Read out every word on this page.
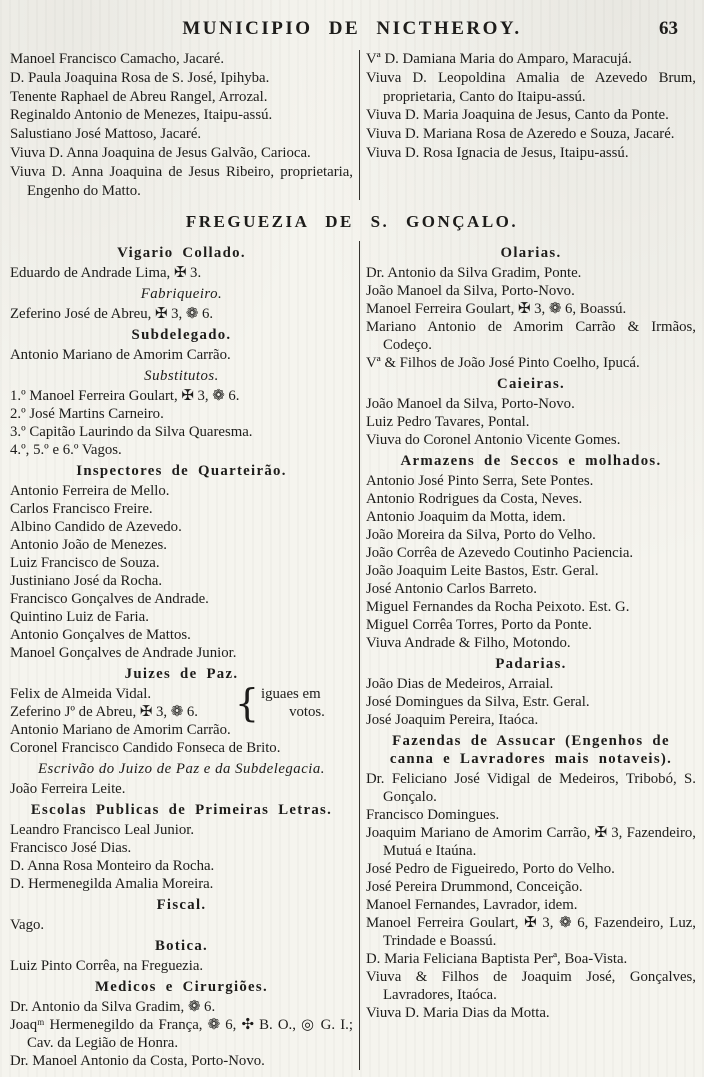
MUNICIPIO DE NICTHEROY.	63
Manoel Francisco Camacho, Jacaré.
D. Paula Joaquina Rosa de S. José, Ipihyba.
Tenente Raphael de Abreu Rangel, Arrozal.
Reginaldo Antonio de Menezes, Itaipu-assú.
Salustiano José Mattoso, Jacaré.
Viuva D. Anna Joaquina de Jesus Galvão, Carioca.
Viuva D. Anna Joaquina de Jesus Ribeiro, proprietaria, Engenho do Matto.
Vª D. Damiana Maria do Amparo, Maracujá.
Viuva D. Leopoldina Amalia de Azevedo Brum, proprietaria, Canto do Itaipu-assú.
Viuva D. Maria Joaquina de Jesus, Canto da Ponte.
Viuva D. Mariana Rosa de Azeredo e Souza, Jacaré.
Viuva D. Rosa Ignacia de Jesus, Itaipu-assú.
FREGUEZIA DE S. GONÇALO.
Vigario Collado.
Eduardo de Andrade Lima, ✠ 3.
Fabriqueiro.
Zeferino José de Abreu, ✠ 3, ❁ 6.
Subdelegado.
Antonio Mariano de Amorim Carrão.
Substitutos.
1.º Manoel Ferreira Goulart, ✠ 3, ❁ 6.
2.º José Martins Carneiro.
3.º Capitão Laurindo da Silva Quaresma.
4.º, 5.º e 6.º Vagos.
Inspectores de Quarteirão.
Antonio Ferreira de Mello.
Carlos Francisco Freire.
Albino Candido de Azevedo.
Antonio João de Menezes.
Luiz Francisco de Souza.
Justiniano José da Rocha.
Francisco Gonçalves de Andrade.
Quintino Luiz de Faria.
Antonio Gonçalves de Mattos.
Manoel Gonçalves de Andrade Junior.
Juizes de Paz.
Felix de Almeida Vidal.
Zeferino Jº de Abreu, ✠ 3, ❁ 6. { iguaes em
votos.
Antonio Mariano de Amorim Carrão.
Coronel Francisco Candido Fonseca de Brito.
Escrivão do Juizo de Paz e da Subdelegacia.
João Ferreira Leite.
Escolas Publicas de Primeiras Letras.
Leandro Francisco Leal Junior.
Francisco José Dias.
D. Anna Rosa Monteiro da Rocha.
D. Hermenegilda Amalia Moreira.
Fiscal.
Vago.
Botica.
Luiz Pinto Corrêa, na Freguezia.
Medicos e Cirurgiões.
Dr. Antonio da Silva Gradim, ❁ 6.
Joaqᵐ Hermenegildo da França, ❁ 6, ✣ B. O., ◎ G. I.; Cav. da Legião de Honra.
Dr. Manoel Antonio da Costa, Porto-Novo.
Olarias.
Dr. Antonio da Silva Gradim, Ponte.
João Manoel da Silva, Porto-Novo.
Manoel Ferreira Goulart, ✠ 3, ❁ 6, Boassú.
Mariano Antonio de Amorim Carrão & Irmãos, Codeço.
Vª & Filhos de João José Pinto Coelho, Ipucá.
Caieiras.
João Manoel da Silva, Porto-Novo.
Luiz Pedro Tavares, Pontal.
Viuva do Coronel Antonio Vicente Gomes.
Armazens de Seccos e molhados.
Antonio José Pinto Serra, Sete Pontes.
Antonio Rodrigues da Costa, Neves.
Antonio Joaquim da Motta, idem.
João Moreira da Silva, Porto do Velho.
João Corrêa de Azevedo Coutinho Paciencia.
João Joaquim Leite Bastos, Estr. Geral.
José Antonio Carlos Barreto.
Miguel Fernandes da Rocha Peixoto. Est. G.
Miguel Corrêa Torres, Porto da Ponte.
Viuva Andrade & Filho, Motondo.
Padarias.
João Dias de Medeiros, Arraial.
José Domingues da Silva, Estr. Geral.
José Joaquim Pereira, Itaóca.
Fazendas de Assucar (Engenhos de canna e Lavradores mais notaveis).
Dr. Feliciano José Vidigal de Medeiros, Tribobó, S. Gonçalo.
Francisco Domingues.
Joaquim Mariano de Amorim Carrão, ✠ 3, Fazendeiro, Mutuá e Itaúna.
José Pedro de Figueiredo, Porto do Velho.
José Pereira Drummond, Conceição.
Manoel Fernandes, Lavrador, idem.
Manoel Ferreira Goulart, ✠ 3, ❁ 6, Fazendeiro, Luz, Trindade e Boassú.
D. Maria Feliciana Baptista Perª, Boa-Vista.
Viuva & Filhos de Joaquim José, Gonçalves, Lavradores, Itaóca.
Viuva D. Maria Dias da Motta.
